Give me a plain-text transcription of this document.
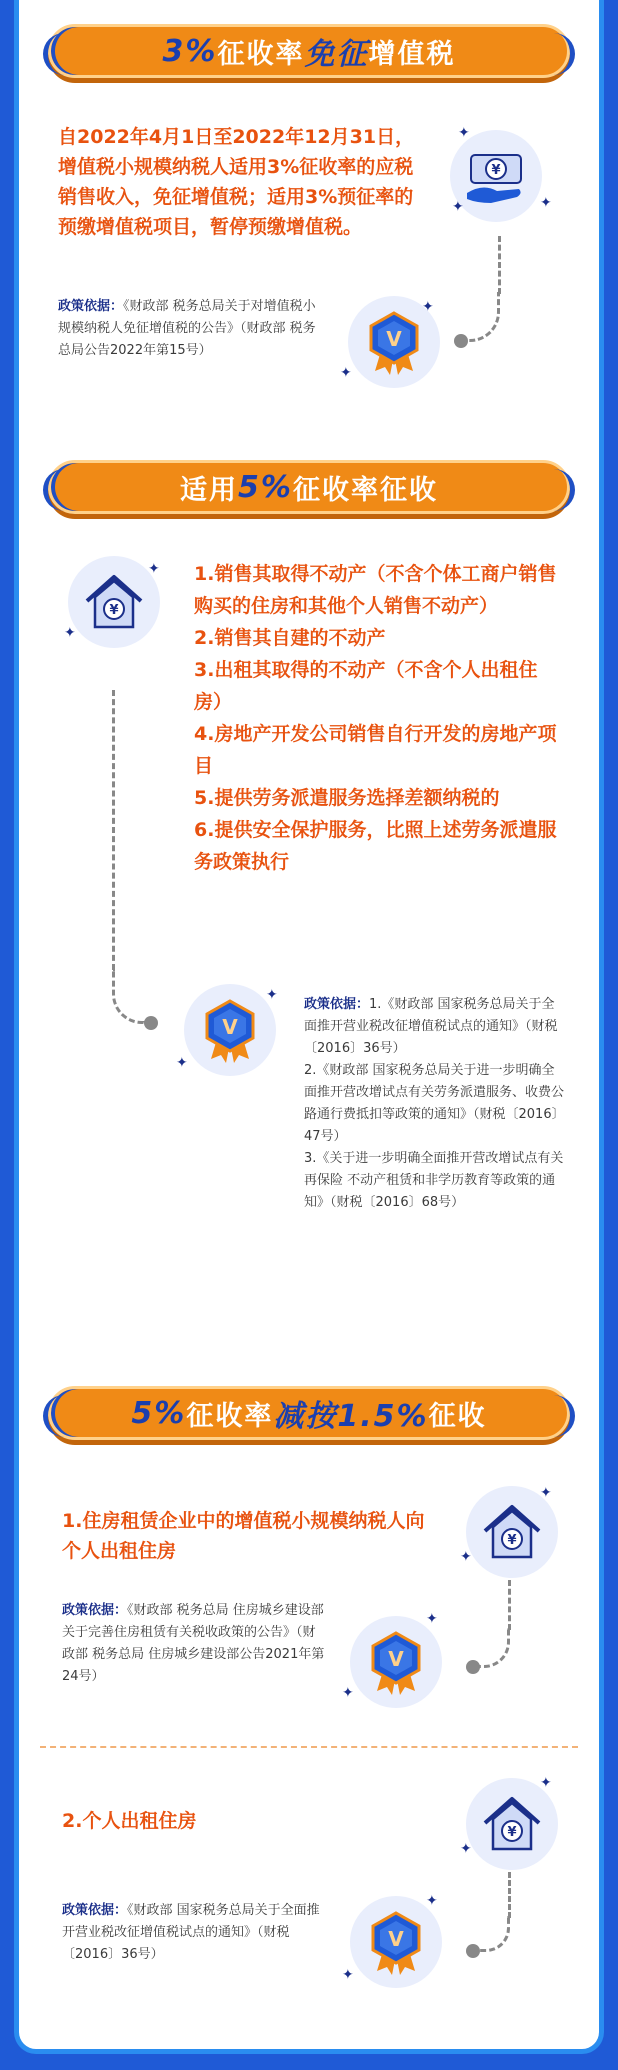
3% 征收率 免征 增值税
自2022年4月1日至2022年12月31日，增值税小规模纳税人适用3%征收率的应税销售收入，免征增值税；适用3%预征率的预缴增值税项目，暂停预缴增值税。
¥
✦
✦
✦
政策依据：《财政部 税务总局关于对增值税小规模纳税人免征增值税的公告》（财政部 税务总局公告2022年第15号）	V
✦
✦
适用 5% 征收率征收
¥
✦
✦
1.销售其取得不动产（不含个体工商户销售购买的住房和其他个人销售不动产）
2.销售其自建的不动产
3.出租其取得的不动产（不含个人出租住房）
4.房地产开发公司销售自行开发的房地产项目
5.提供劳务派遣服务选择差额纳税的
6.提供安全保护服务，比照上述劳务派遣服务政策执行
V
✦
✦
政策依据：1.《财政部 国家税务总局关于全面推开营业税改征增值税试点的通知》（财税〔2016〕36号）
2.《财政部 国家税务总局关于进一步明确全面推开营改增试点有关劳务派遣服务、收费公路通行费抵扣等政策的通知》（财税〔2016〕47号）
3.《关于进一步明确全面推开营改增试点有关再保险 不动产租赁和非学历教育等政策的通知》（财税〔2016〕68号）
5% 征收率 减按1.5% 征收
1.住房租赁企业中的增值税小规模纳税人向个人出租住房	¥
✦
✦
政策依据：《财政部 税务总局 住房城乡建设部关于完善住房租赁有关税收政策的公告》（财政部 税务总局 住房城乡建设部公告2021年第24号）
V
✦
✦
2.个人出租住房
¥
✦
✦
政策依据：《财政部 国家税务总局关于全面推开营业税改征增值税试点的通知》（财税〔2016〕36号）
V
✦
✦
